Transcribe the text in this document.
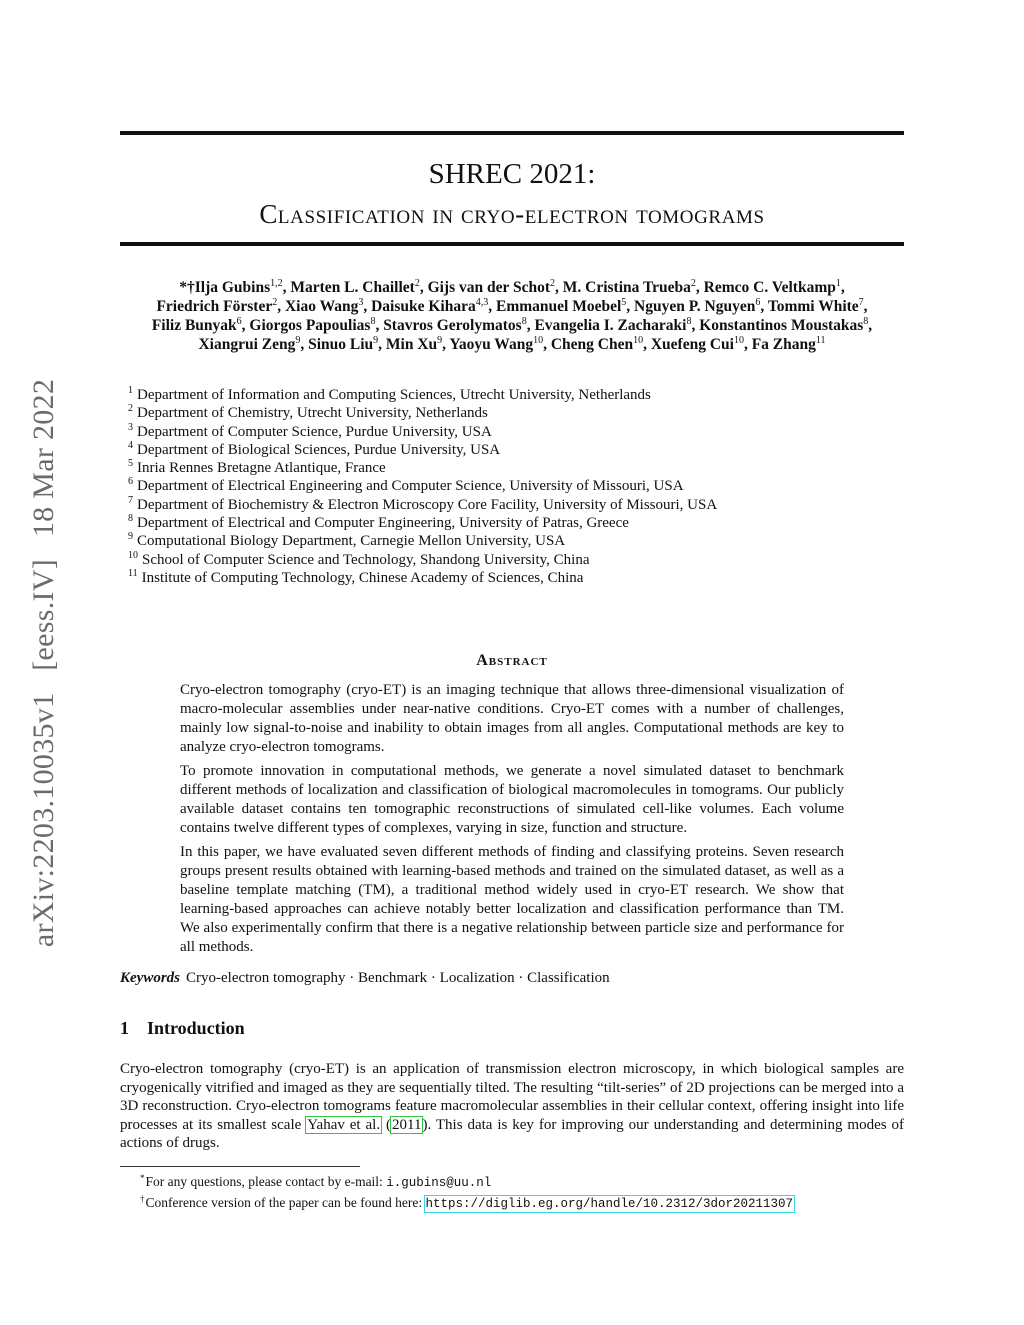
arXiv:2203.10035v1 [eess.IV] 18 Mar 2022
SHREC 2021:
Classification in cryo-electron tomograms
*†Ilja Gubins$^{1,2}$, Marten L. Chaillet$^2$, Gijs van der Schot$^2$, M. Cristina Trueba$^2$, Remco C. Veltkamp$^1$,
Friedrich Förster$^2$, Xiao Wang$^3$, Daisuke Kihara$^{4,3}$, Emmanuel Moebel$^5$, Nguyen P. Nguyen$^6$, Tommi White$^7$,
Filiz Bunyak$^6$, Giorgos Papoulias$^8$, Stavros Gerolymatos$^8$, Evangelia I. Zacharaki$^8$, Konstantinos Moustakas$^8$,
Xiangrui Zeng$^9$, Sinuo Liu$^9$, Min Xu$^9$, Yaoyu Wang$^{10}$, Cheng Chen$^{10}$, Xuefeng Cui$^{10}$, Fa Zhang$^{11}$
$^1$ Department of Information and Computing Sciences, Utrecht University, Netherlands
$^2$ Department of Chemistry, Utrecht University, Netherlands
$^3$ Department of Computer Science, Purdue University, USA
$^4$ Department of Biological Sciences, Purdue University, USA
$^5$ Inria Rennes Bretagne Atlantique, France
$^6$ Department of Electrical Engineering and Computer Science, University of Missouri, USA
$^7$ Department of Biochemistry & Electron Microscopy Core Facility, University of Missouri, USA
$^8$ Department of Electrical and Computer Engineering, University of Patras, Greece
$^9$ Computational Biology Department, Carnegie Mellon University, USA
$^{10}$ School of Computer Science and Technology, Shandong University, China
$^{11}$ Institute of Computing Technology, Chinese Academy of Sciences, China
Abstract

Cryo-electron tomography (cryo-ET) is an imaging technique that allows three-dimensional visualization of macro-molecular assemblies under near-native conditions. Cryo-ET comes with a number of challenges, mainly low signal-to-noise and inability to obtain images from all angles. Computational methods are key to analyze cryo-electron tomograms.

To promote innovation in computational methods, we generate a novel simulated dataset to benchmark different methods of localization and classification of biological macromolecules in tomograms. Our publicly available dataset contains ten tomographic reconstructions of simulated cell-like volumes. Each volume contains twelve different types of complexes, varying in size, function and structure.

In this paper, we have evaluated seven different methods of finding and classifying proteins. Seven research groups present results obtained with learning-based methods and trained on the simulated dataset, as well as a baseline template matching (TM), a traditional method widely used in cryo-ET research. We show that learning-based approaches can achieve notably better localization and classification performance than TM. We also experimentally confirm that there is a negative relationship between particle size and performance for all methods.

Keywords Cryo-electron tomography · Benchmark · Localization · Classification
1 Introduction
Cryo-electron tomography (cryo-ET) is an application of transmission electron microscopy, in which biological samples are cryogenically vitrified and imaged as they are sequentially tilted. The resulting “tilt-series” of 2D projections can be merged into a 3D reconstruction. Cryo-electron tomograms feature macromolecular assemblies in their cellular context, offering insight into life processes at its smallest scale Yahav et al. (2011). This data is key for improving our understanding and determining modes of actions of drugs.
*For any questions, please contact by e-mail: i.gubins@uu.nl
†Conference version of the paper can be found here: https://diglib.eg.org/handle/10.2312/3dor20211307
